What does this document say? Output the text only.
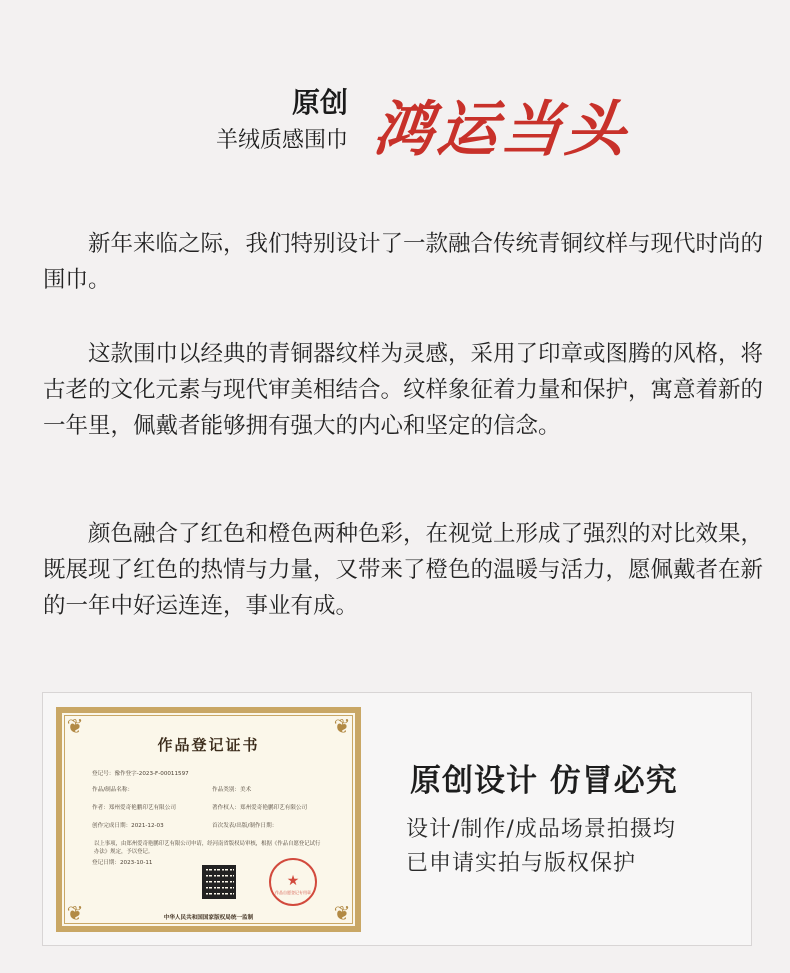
原创
羊绒质感围巾 鸿运当头

新年来临之际，我们特别设计了一款融合传统青铜纹样与现代时尚的围巾。

这款围巾以经典的青铜器纹样为灵感，采用了印章或图腾的风格，将古老的文化元素与现代审美相结合。纹样象征着力量和保护，寓意着新的一年里，佩戴者能够拥有强大的内心和坚定的信念。

颜色融合了红色和橙色两种色彩，在视觉上形成了强烈的对比效果，既展现了红色的热情与力量，又带来了橙色的温暖与活力，愿佩戴者在新的一年中好运连连，事业有成。

❦	❦
❦	❦
作品登记证书
登记号：豫作登字-2023-F-00011597
作品/制品名称：	作品类别：美术
作者：郑州爱奇艳鹏印艺有限公司	著作权人：郑州爱奇艳鹏印艺有限公司
创作完成日期：2021-12-03	首次发表/出版/制作日期：
以上事项，由郑州爱奇艳鹏印艺有限公司申请，经河南省版权局审核，根据《作品自愿登记试行办法》规定，予以登记。
登记日期：2023-10-11
★
作品自愿登记专用章
中华人民共和国国家版权局统一监制
原创设计 仿冒必究
设计/制作/成品场景拍摄均
已申请实拍与版权保护
